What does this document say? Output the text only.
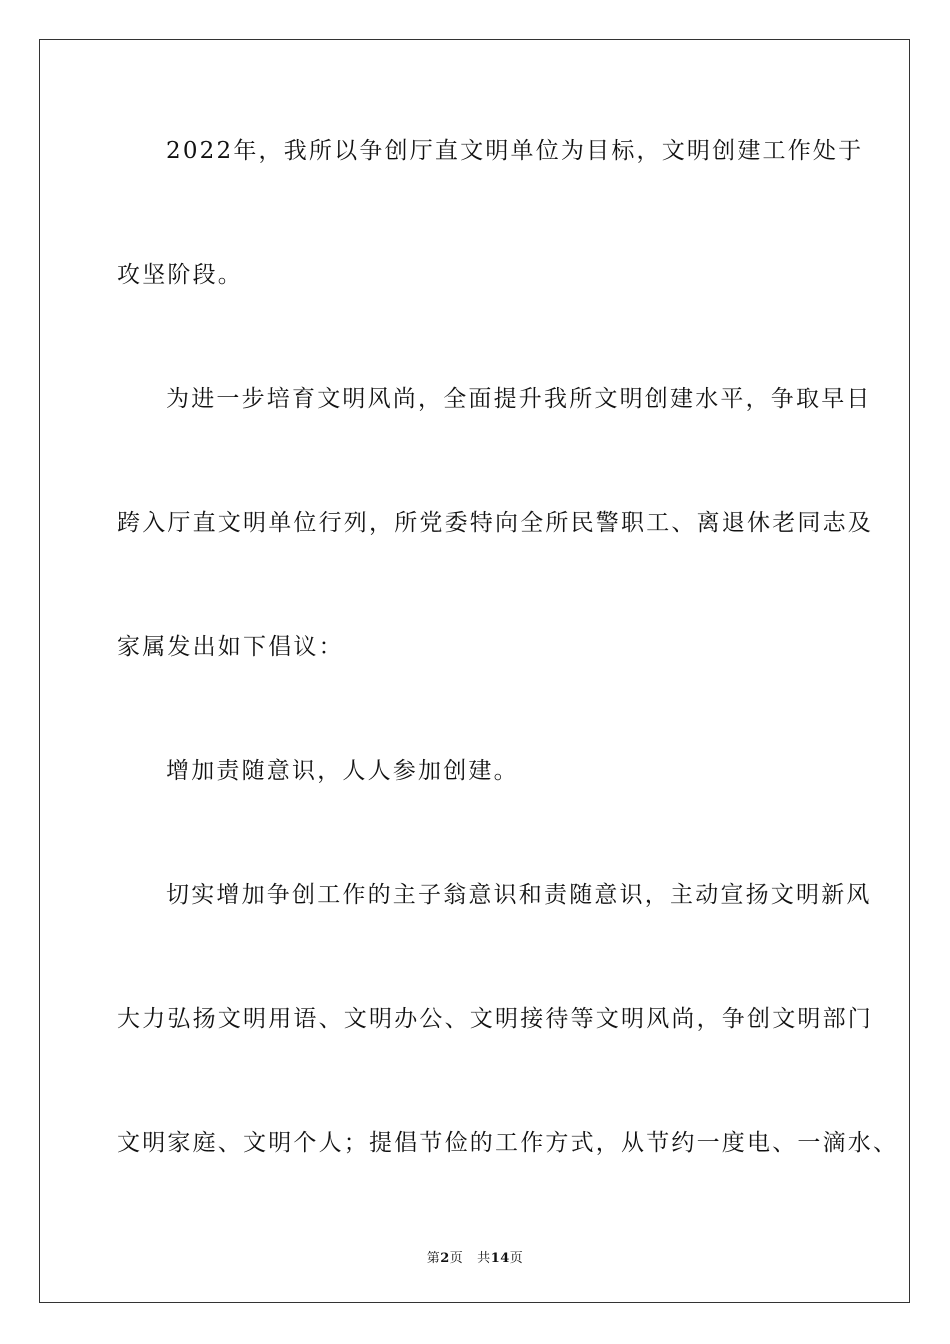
2022年，我所以争创厅直文明单位为目标，文明创建工作处于
攻坚阶段。
为进一步培育文明风尚，全面提升我所文明创建水平，争取早日
跨入厅直文明单位行列，所党委特向全所民警职工、离退休老同志及
家属发出如下倡议：
增加责随意识，人人参加创建。
切实增加争创工作的主子翁意识和责随意识，主动宣扬文明新风
大力弘扬文明用语、文明办公、文明接待等文明风尚，争创文明部门
文明家庭、文明个人；提倡节俭的工作方式，从节约一度电、一滴水、
第2页 共14页
